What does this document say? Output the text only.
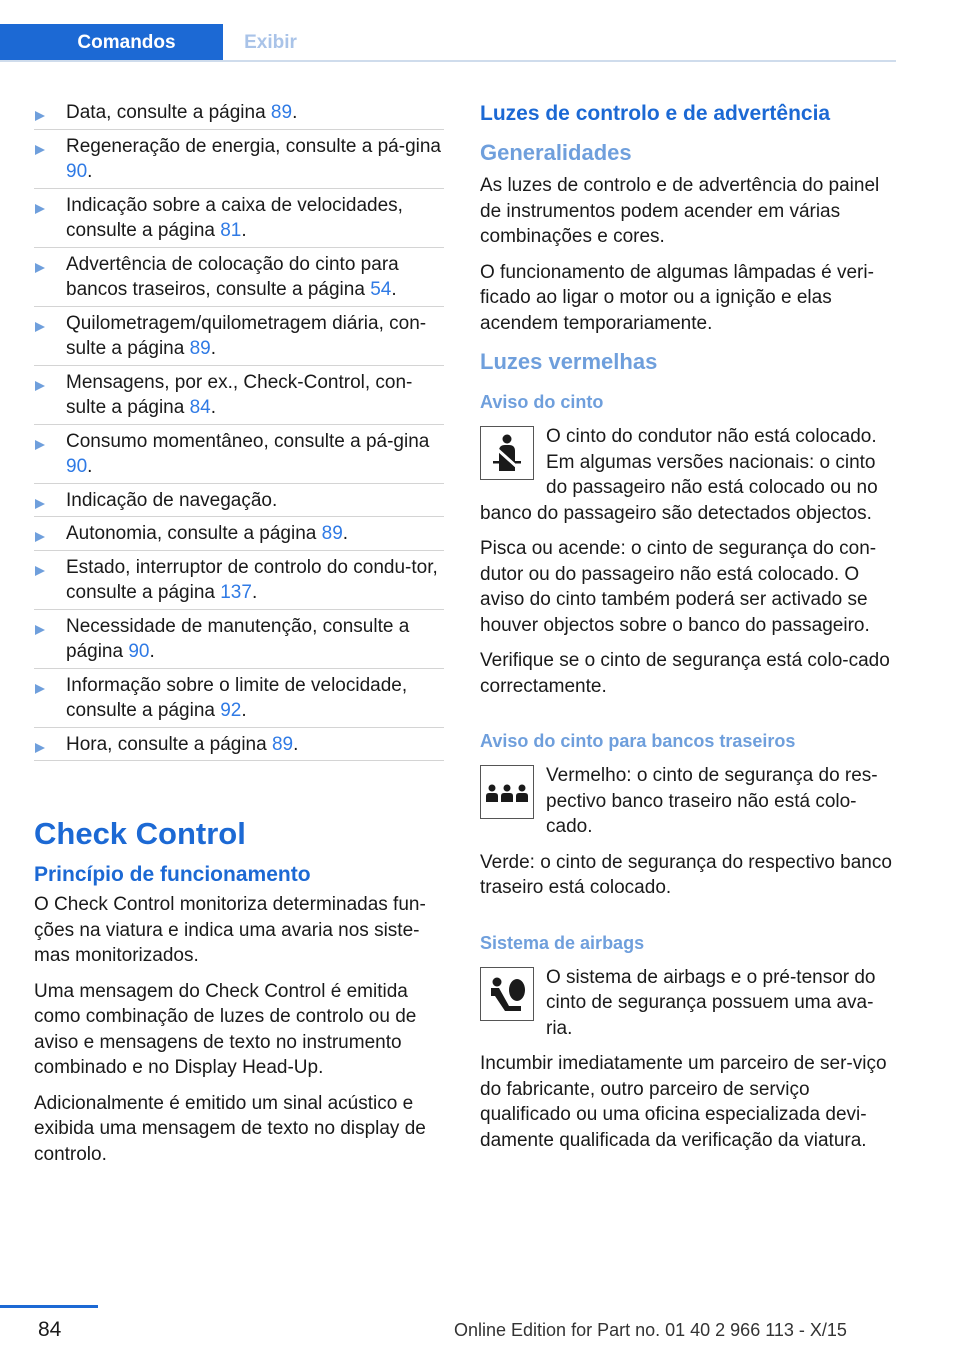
Comandos	Exibir
Data, consulte a página 89.
Regeneração de energia, consulte a pá-gina 90.
Indicação sobre a caixa de velocidades, consulte a página 81.
Advertência de colocação do cinto para bancos traseiros, consulte a página 54.
Quilometragem/quilometragem diária, con-sulte a página 89.
Mensagens, por ex., Check-Control, con-sulte a página 84.
Consumo momentâneo, consulte a pá-gina 90.
Indicação de navegação.
Autonomia, consulte a página 89.
Estado, interruptor de controlo do condu-tor, consulte a página 137.
Necessidade de manutenção, consulte a página 90.
Informação sobre o limite de velocidade, consulte a página 92.
Hora, consulte a página 89.
Check Control
Princípio de funcionamento

O Check Control monitoriza determinadas fun-ções na viatura e indica uma avaria nos siste-mas monitorizados.

Uma mensagem do Check Control é emitida como combinação de luzes de controlo ou de aviso e mensagens de texto no instrumento combinado e no Display Head-Up.

Adicionalmente é emitido um sinal acústico e exibida uma mensagem de texto no display de controlo.

Luzes de controlo e de advertência
Generalidades

As luzes de controlo e de advertência do painel de instrumentos podem acender em várias combinações e cores.

O funcionamento de algumas lâmpadas é veri-ficado ao ligar o motor ou a ignição e elas acendem temporariamente.

Luzes vermelhas
Aviso do cinto

O cinto do condutor não está colocado. Em algumas versões nacionais: o cinto do passageiro não está colocado ou no banco do passageiro são detectados objectos.

Pisca ou acende: o cinto de segurança do con-dutor ou do passageiro não está colocado. O aviso do cinto também poderá ser activado se houver objectos sobre o banco do passageiro.

Verifique se o cinto de segurança está colo-cado correctamente.

Aviso do cinto para bancos traseiros

Vermelho: o cinto de segurança do res-pectivo banco traseiro não está colo-cado.

Verde: o cinto de segurança do respectivo banco traseiro está colocado.

Sistema de airbags

O sistema de airbags e o pré-tensor do cinto de segurança possuem uma ava-ria.

Incumbir imediatamente um parceiro de ser-viço do fabricante, outro parceiro de serviço qualificado ou uma oficina especializada devi-damente qualificada da verificação da viatura.

84	Online Edition for Part no. 01 40 2 966 113 - X/15
